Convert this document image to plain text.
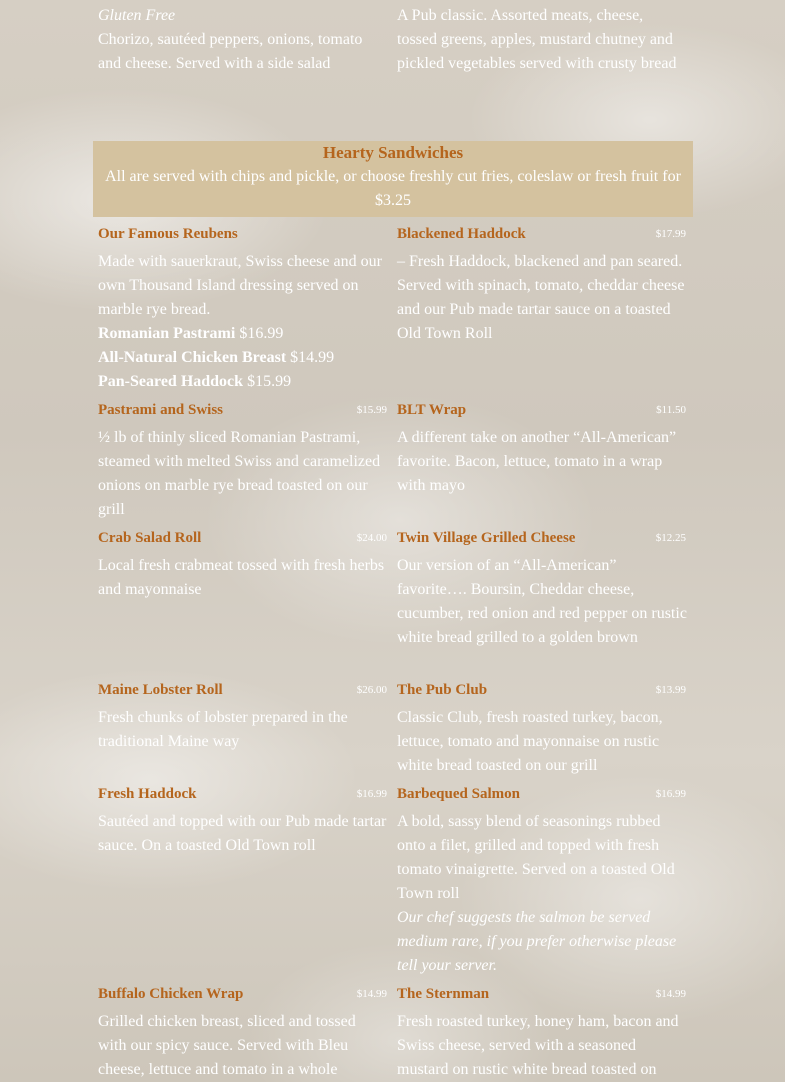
Gluten Free
Chorizo, sautéed peppers, onions, tomato and cheese. Served with a side salad
A Pub classic. Assorted meats, cheese, tossed greens, apples, mustard chutney and pickled vegetables served with crusty bread
Hearty Sandwiches
All are served with chips and pickle, or choose freshly cut fries, coleslaw or fresh fruit for $3.25
Our Famous Reubens
Made with sauerkraut, Swiss cheese and our own Thousand Island dressing served on marble rye bread.
Romanian Pastrami $16.99
All-Natural Chicken Breast $14.99
Pan-Seared Haddock $15.99
Blackened Haddock	$17.99
– Fresh Haddock, blackened and pan seared. Served with spinach, tomato, cheddar cheese and our Pub made tartar sauce on a toasted Old Town Roll
Pastrami and Swiss	$15.99
½ lb of thinly sliced Romanian Pastrami, steamed with melted Swiss and caramelized onions on marble rye bread toasted on our grill
BLT Wrap	$11.50
A different take on another “All-American” favorite. Bacon, lettuce, tomato in a wrap with mayo
Crab Salad Roll	$24.00
Local fresh crabmeat tossed with fresh herbs and mayonnaise
Twin Village Grilled Cheese	$12.25
Our version of an “All-American” favorite…. Boursin, Cheddar cheese, cucumber, red onion and red pepper on rustic white bread grilled to a golden brown
Maine Lobster Roll	$26.00
Fresh chunks of lobster prepared in the traditional Maine way
The Pub Club	$13.99
Classic Club, fresh roasted turkey, bacon, lettuce, tomato and mayonnaise on rustic white bread toasted on our grill
Fresh Haddock	$16.99
Sautéed and topped with our Pub made tartar sauce. On a toasted Old Town roll
Barbequed Salmon	$16.99
A bold, sassy blend of seasonings rubbed onto a filet, grilled and topped with fresh tomato vinaigrette. Served on a toasted Old Town roll
Our chef suggests the salmon be served medium rare, if you prefer otherwise please tell your server.
Buffalo Chicken Wrap	$14.99
Grilled chicken breast, sliced and tossed with our spicy sauce. Served with Bleu cheese, lettuce and tomato in a whole
The Sternman	$14.99
Fresh roasted turkey, honey ham, bacon and Swiss cheese, served with a seasoned mustard on rustic white bread toasted on
